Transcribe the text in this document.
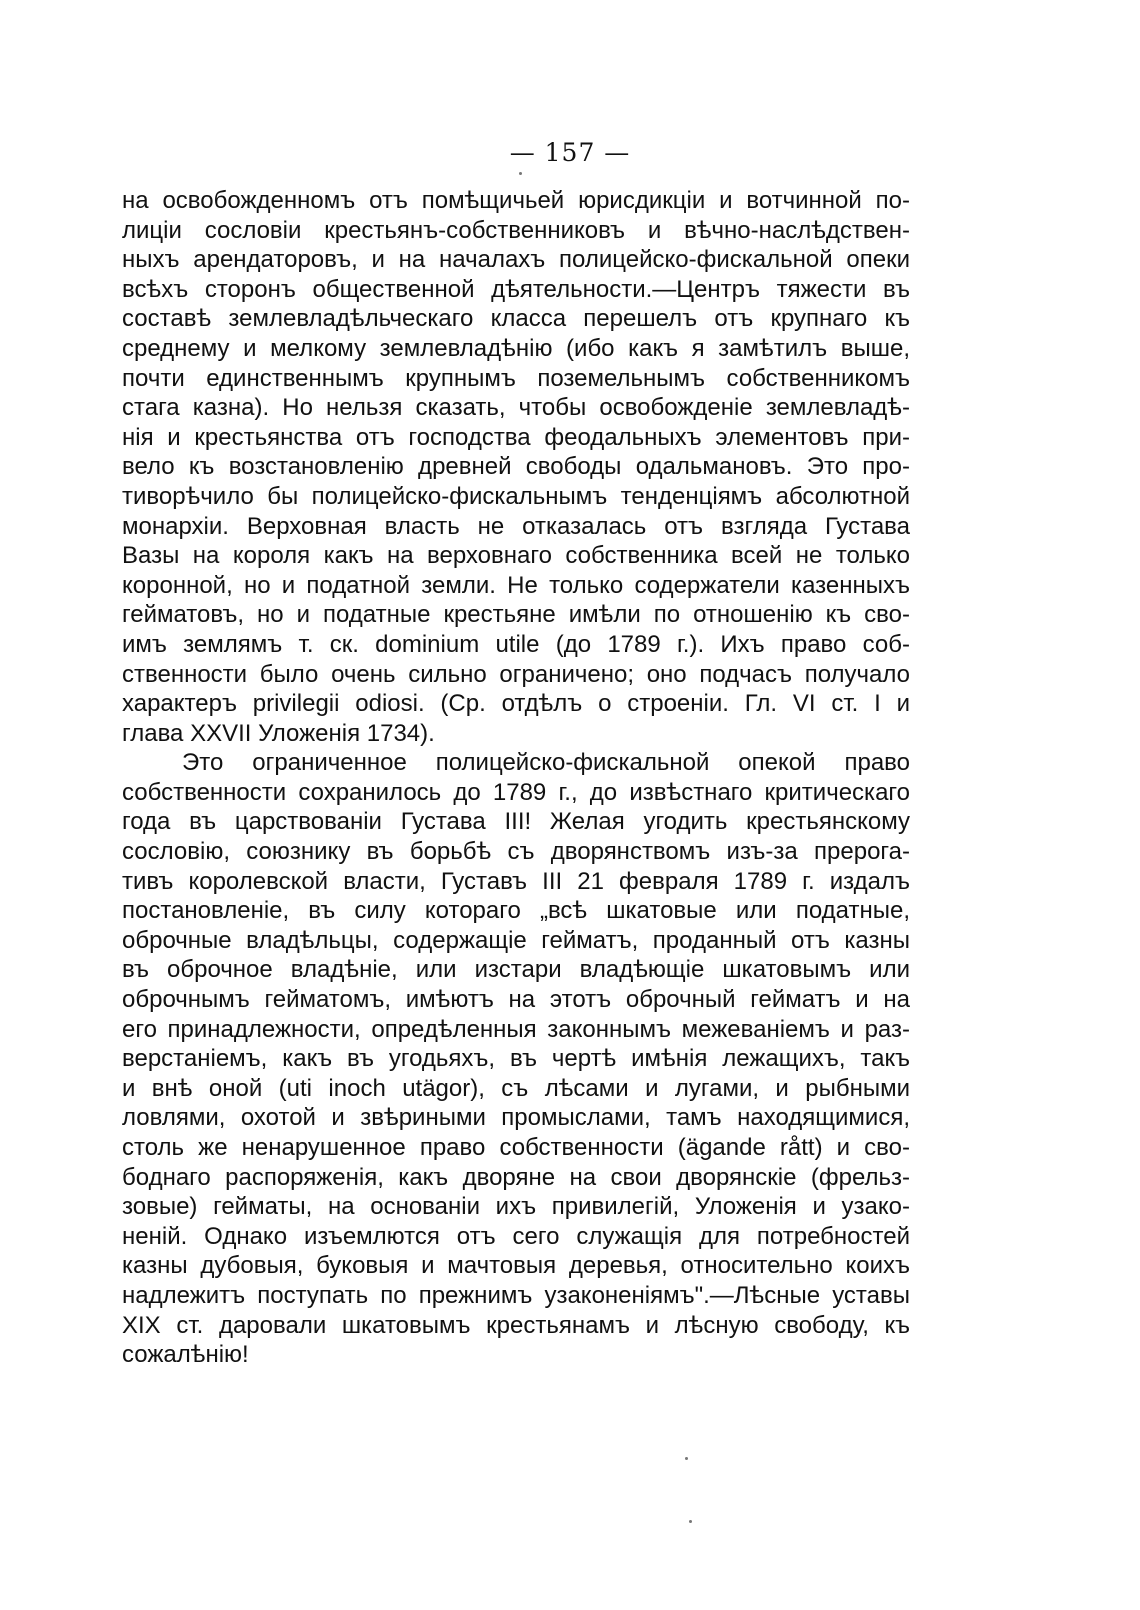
— 157 —
на освобожденномъ отъ помѣщичьей юрисдикціи и вотчинной по-
лиціи сословіи крестьянъ-собственниковъ и вѣчно-наслѣдствен-
ныхъ арендаторовъ, и на началахъ полицейско-фискальной опеки
всѣхъ сторонъ общественной дѣятельности.—Центръ тяжести въ
составѣ землевладѣльческаго класса перешелъ отъ крупнаго къ
среднему и мелкому землевладѣнію (ибо какъ я замѣтилъ выше,
почти единственнымъ крупнымъ поземельнымъ собственникомъ
стага казна). Но нельзя сказать, чтобы освобожденіе землевладѣ-
нія и крестьянства отъ господства феодальныхъ элементовъ при-
вело къ возстановленію древней свободы одальмановъ. Это про-
тиворѣчило бы полицейско-фискальнымъ тенденціямъ абсолютной
монархіи. Верховная власть не отказалась отъ взгляда Густава
Вазы на короля какъ на верховнаго собственника всей не только
коронной, но и податной земли. Не только содержатели казенныхъ
гейматовъ, но и податные крестьяне имѣли по отношенію къ сво-
имъ землямъ т. ск. dominium utile (до 1789 г.). Ихъ право соб-
ственности было очень сильно ограничено; оно подчасъ получало
характеръ privilegii odiosi. (Ср. отдѣлъ о строеніи. Гл. VI ст. I и
глава XXVII Уложенія 1734).
Это ограниченное полицейско-фискальной опекой право
собственности сохранилось до 1789 г., до извѣстнаго критическаго
года въ царствованіи Густава III! Желая угодить крестьянскому
сословію, союзнику въ борьбѣ съ дворянствомъ изъ-за прерога-
тивъ королевской власти, Густавъ III 21 февраля 1789 г. издалъ
постановленіе, въ силу котораго „всѣ шкатовые или податные,
оброчные владѣльцы, содержащіе гейматъ, проданный отъ казны
въ оброчное владѣніе, или изстари владѣющіе шкатовымъ или
оброчнымъ гейматомъ, имѣютъ на этотъ оброчный гейматъ и на
его принадлежности, опредѣленныя законнымъ межеваніемъ и раз-
верстаніемъ, какъ въ угодьяхъ, въ чертѣ имѣнія лежащихъ, такъ
и внѣ оной (uti inoch utägor), съ лѣсами и лугами, и рыбными
ловлями, охотой и звѣриными промыслами, тамъ находящимися,
столь же ненарушенное право собственности (ägande rått) и сво-
боднаго распоряженія, какъ дворяне на свои дворянскіе (фрельз-
зовые) гейматы, на основаніи ихъ привилегій, Уложенія и узако-
неній. Однако изъемлются отъ сего служащія для потребностей
казны дубовыя, буковыя и мачтовыя деревья, относительно коихъ
надлежитъ поступать по прежнимъ узаконеніямъ".—Лѣсные уставы
XIX ст. даровали шкатовымъ крестьянамъ и лѣсную свободу, къ
сожалѣнію!
